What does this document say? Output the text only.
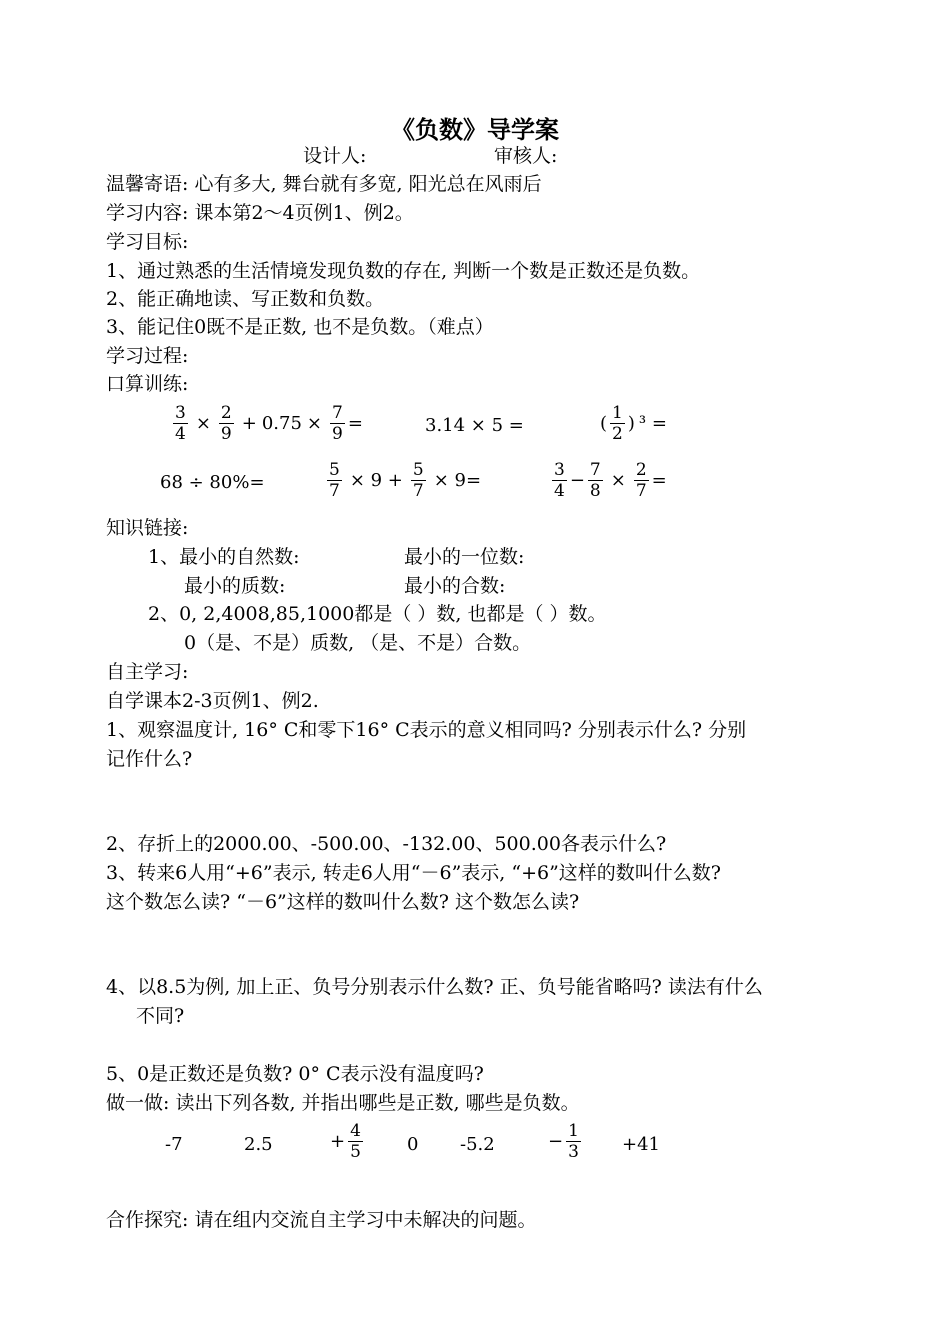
《负数》导学案
设计人:	审核人:
温馨寄语: 心有多大, 舞台就有多宽, 阳光总在风雨后
学习内容: 课本第2～4页例1、例2。
学习目标:
1、通过熟悉的生活情境发现负数的存在, 判断一个数是正数还是负数。
2、能正确地读、写正数和负数。
3、能记住0既不是正数, 也不是负数。（难点）
学习过程:
口算训练:
$\frac{3}{4} \times \frac{2}{9} + 0.75 \times \frac{7}{9}$ =	3.14 × 5 =	( $\frac{1}{2}$ ) ³ =
68 ÷ 80%=	$\frac{5}{7} \times 9 + \frac{5}{7} \times 9=$	$\frac{3}{4} - \frac{7}{8} \times \frac{2}{7}$ =
知识链接:
1、最小的自然数:	最小的一位数:
最小的质数:	最小的合数:
2、0, 2,4008,85,1000都是（ ）数, 也都是（ ）数。
0（是、不是）质数, （是、不是）合数。
自主学习:
自学课本2-3页例1、例2.
1、观察温度计, 16° C和零下16° C表示的意义相同吗? 分别表示什么? 分别
记作什么?
2、存折上的2000.00、-500.00、-132.00、500.00各表示什么?
3、转来6人用“+6”表示, 转走6人用“－6”表示, “+6”这样的数叫什么数?
这个数怎么读? “－6”这样的数叫什么数? 这个数怎么读?
4、以8.5为例, 加上正、负号分别表示什么数? 正、负号能省略吗? 读法有什么
不同?
5、0是正数还是负数? 0° C表示没有温度吗?
做一做: 读出下列各数, 并指出哪些是正数, 哪些是负数。
-7	2.5	+ $\frac{4}{5} 0$ -5.2	− $\frac{1}{3} +41$
合作探究: 请在组内交流自主学习中未解决的问题。
